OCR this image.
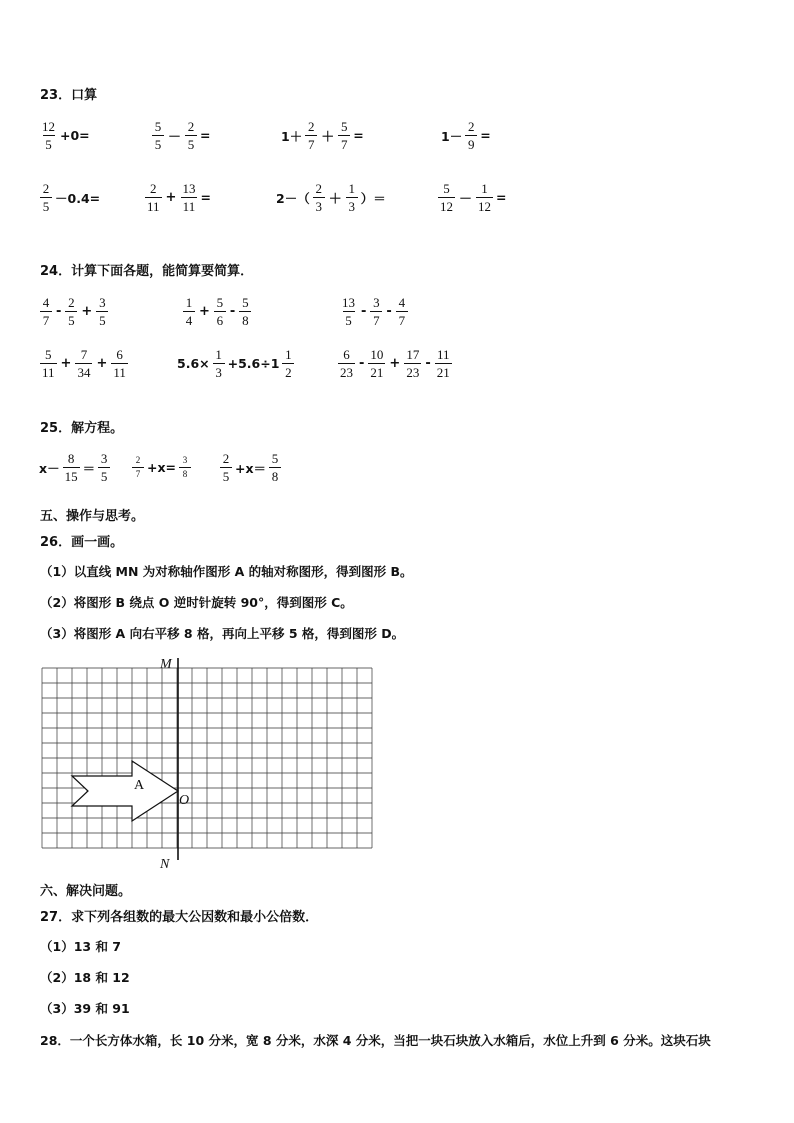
23．口算
$\frac{12}{5} +0=$	$\frac{5}{5} - \frac{2}{5}$ =	$1+ \frac{2}{7} + \frac{5}{7}$ =	$1- \frac{2}{9}$ =
$\frac{2}{5} -0.4=$	$\frac{2}{11} + \frac{13}{11}$ =	$2-( \frac{2}{3} + \frac{1}{3}$ ）＝	$\frac{5}{12} - \frac{1}{12}$ =
24．计算下面各题，能简算要简算．
$\frac{4}{7} - \frac{2}{5} + \frac{3}{5}$	$\frac{1}{4} + \frac{5}{6} - \frac{5}{8}$	$\frac{13}{5} - \frac{3}{7} - \frac{4}{7}$
$\frac{5}{11} + \frac{7}{34} + \frac{6}{11}$	$5.6\times \frac{1}{3} +5.6\div 1 \frac{1}{2}$	$\frac{6}{23} - \frac{10}{21} + \frac{17}{23} - \frac{11}{21}$
25．解方程。
$x- \frac{8}{15} = \frac{3}{5} \frac{2}{7} +x= \frac{3}{8} \frac{2}{5} +x= \frac{5}{8}$
五、操作与思考。
26．画一画。
（1）以直线 MN 为对称轴作图形 A 的轴对称图形，得到图形 B。
（2）将图形 B 绕点 O 逆时针旋转 90°，得到图形 C。
（3）将图形 A 向右平移 8 格，再向上平移 5 格，得到图形 D。
M
N
O
A
六、解决问题。
27．求下列各组数的最大公因数和最小公倍数．
（1）13 和 7
（2）18 和 12
（3）39 和 91
28．一个长方体水箱，长 10 分米，宽 8 分米，水深 4 分米，当把一块石块放入水箱后，水位上升到 6 分米。这块石块
